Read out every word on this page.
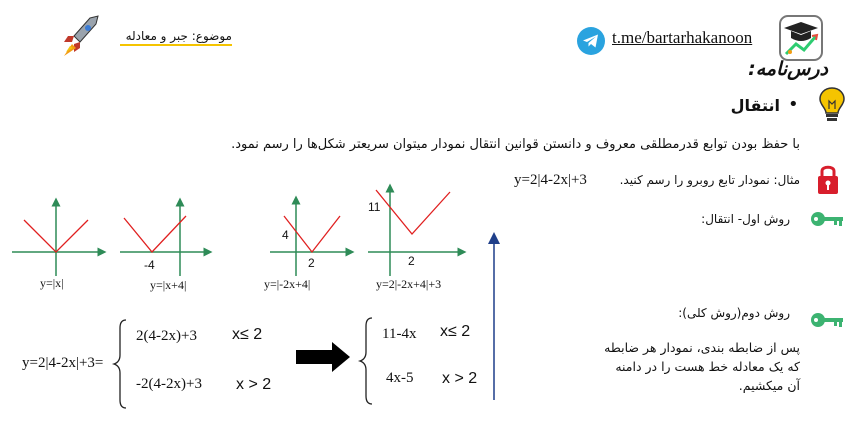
موضوع: جبر و معادله	t.me/bartarhakanoon
درس‌نامه:
•
انتقال
با حفظ بودن توابع قدرمطلقی معروف و دانستن قوانین انتقال نمودار میتوان سریعتر شکل‌ها را رسم نمود.
مثال: نمودار تابع روبرو را رسم کنید.
y=2|4-2x|+3
روش اول- انتقال:
روش دوم(روش کلی):
پس از ضابطه بندی، نمودار هر ضابطه
که یک معادله خط هست را در دامنه
آن میکشیم.
y=|x|
-4
y=|x+4|
4
2
y=|-2x+4|
11
2
y=2|-2x+4|+3
y=2|4-2x|+3=
2(4-2x)+3 x≤ 2
-2(4-2x)+3 x > 2
11-4x x≤ 2
4x-5 x > 2
